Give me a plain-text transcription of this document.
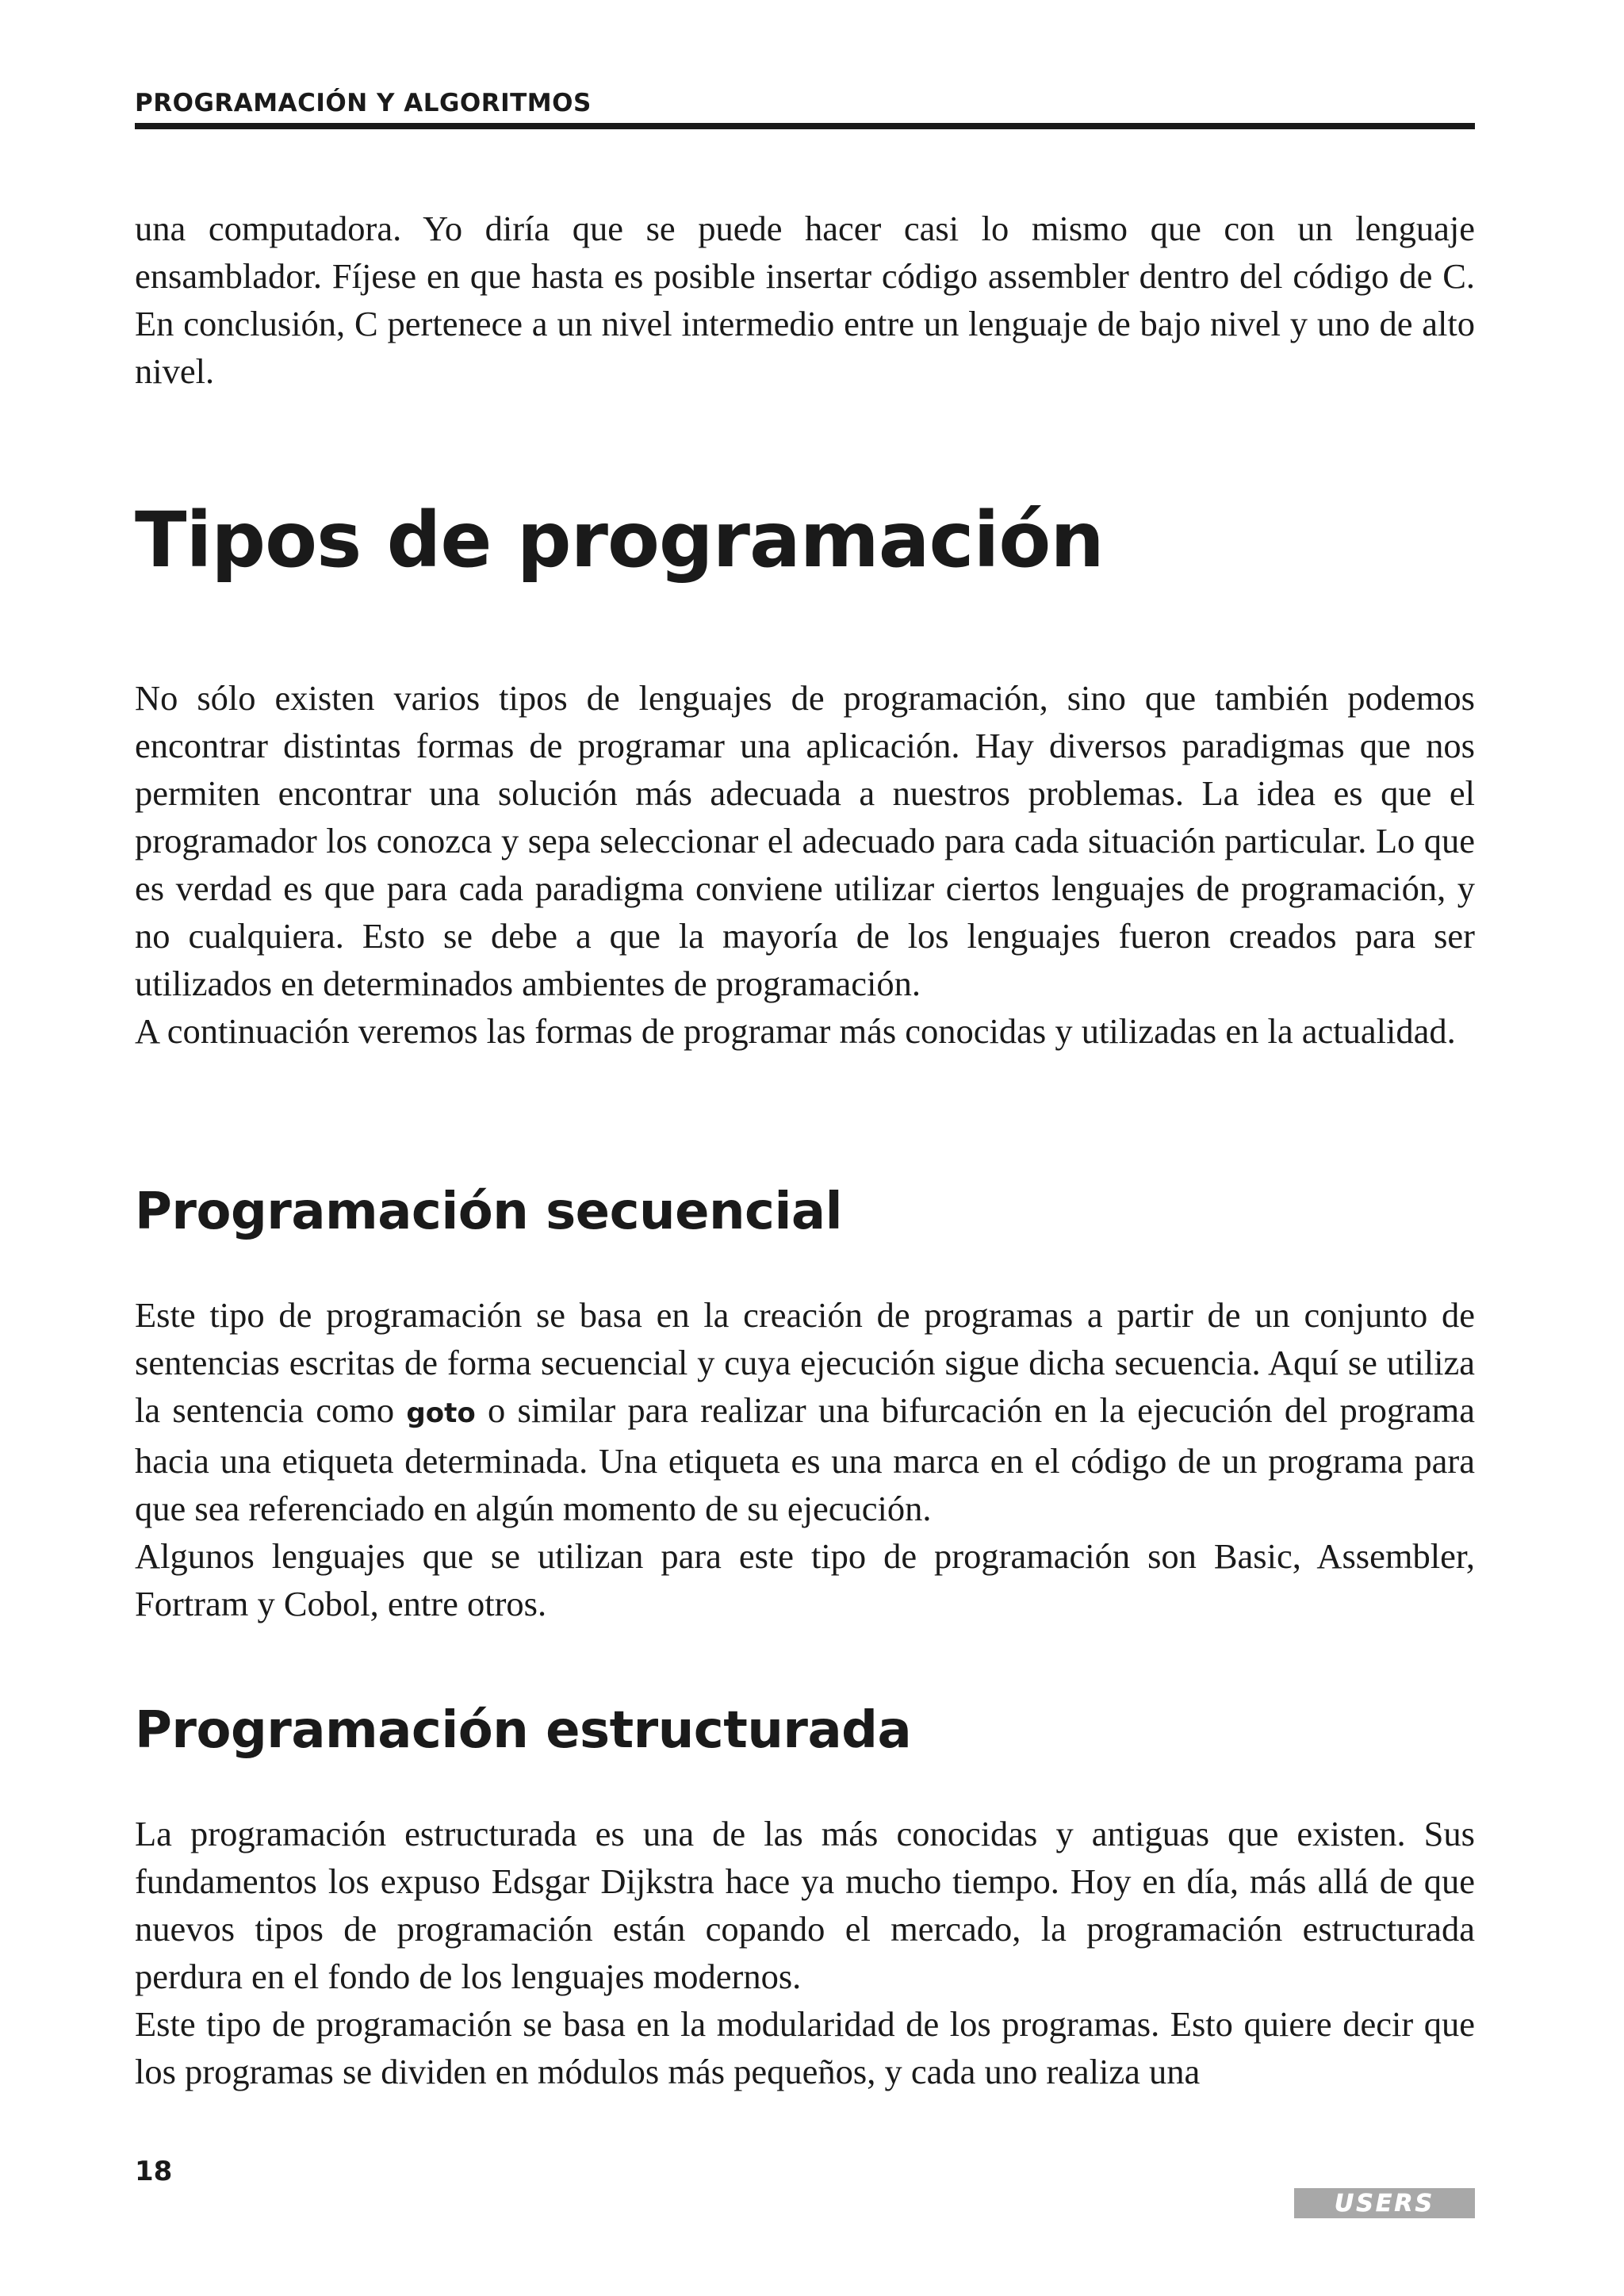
PROGRAMACIÓN Y ALGORITMOS

una computadora. Yo diría que se puede hacer casi lo mismo que con un lenguaje ensamblador. Fíjese en que hasta es posible insertar código assembler dentro del código de C. En conclusión, C pertenece a un nivel intermedio entre un lenguaje de bajo nivel y uno de alto nivel.

Tipos de programación

No sólo existen varios tipos de lenguajes de programación, sino que también podemos encontrar distintas formas de programar una aplicación. Hay diversos paradigmas que nos permiten encontrar una solución más adecuada a nuestros problemas. La idea es que el programador los conozca y sepa seleccionar el adecuado para cada situación particular. Lo que es verdad es que para cada paradigma conviene utilizar ciertos lenguajes de programación, y no cualquiera. Esto se debe a que la mayoría de los lenguajes fueron creados para ser utilizados en determinados ambientes de programación.

A continuación veremos las formas de programar más conocidas y utilizadas en la actualidad.

Programación secuencial

Este tipo de programación se basa en la creación de programas a partir de un conjunto de sentencias escritas de forma secuencial y cuya ejecución sigue dicha secuencia. Aquí se utiliza la sentencia como goto o similar para realizar una bifurcación en la ejecución del programa hacia una etiqueta determinada. Una etiqueta es una marca en el código de un programa para que sea referenciado en algún momento de su ejecución.

Algunos lenguajes que se utilizan para este tipo de programación son Basic, Assembler, Fortram y Cobol, entre otros.

Programación estructurada

La programación estructurada es una de las más conocidas y antiguas que existen. Sus fundamentos los expuso Edsgar Dijkstra hace ya mucho tiempo. Hoy en día, más allá de que nuevos tipos de programación están copando el mercado, la programación estructurada perdura en el fondo de los lenguajes modernos.

Este tipo de programación se basa en la modularidad de los programas. Esto quiere decir que los programas se dividen en módulos más pequeños, y cada uno realiza una

18
USERS
